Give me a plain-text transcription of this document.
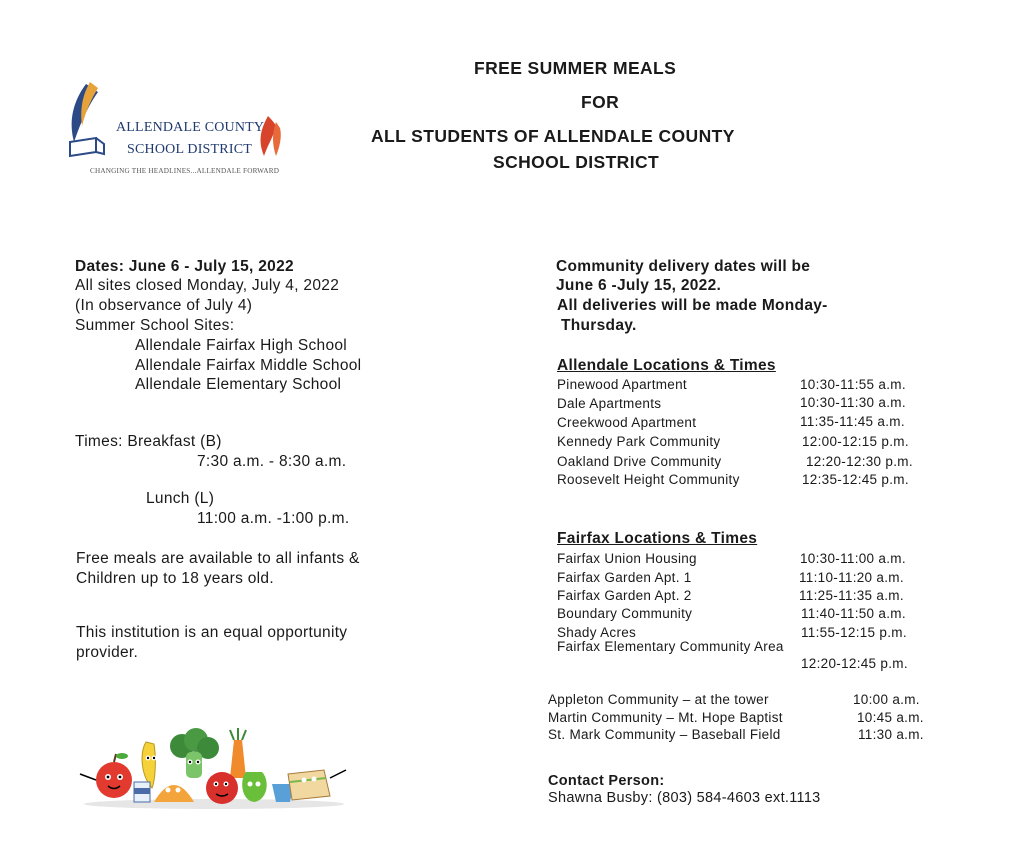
ALLENDALE COUNTY
SCHOOL DISTRICT
CHANGING THE HEADLINES...ALLENDALE FORWARD
FREE SUMMER MEALS
FOR
ALL STUDENTS OF ALLENDALE COUNTY
SCHOOL DISTRICT
Dates: June 6 - July 15, 2022
All sites closed Monday, July 4, 2022
(In observance of July 4)
Summer School Sites:
Allendale Fairfax High School
Allendale Fairfax Middle School
Allendale Elementary School
Times: Breakfast (B)
7:30 a.m. - 8:30 a.m.
Lunch (L)
11:00 a.m. -1:00 p.m.
Free meals are available to all infants &
Children up to 18 years old.
This institution is an equal opportunity
provider.
Community delivery dates will be
June 6 -July 15, 2022.
All deliveries will be made Monday-
Thursday.
Allendale Locations & Times
Pinewood Apartment	10:30-11:55 a.m.
Dale Apartments	10:30-11:30 a.m.
Creekwood Apartment	11:35-11:45 a.m.
Kennedy Park Community	12:00-12:15 p.m.
Oakland Drive Community	12:20-12:30 p.m.
Roosevelt Height Community	12:35-12:45 p.m.
Fairfax Locations & Times
Fairfax Union Housing	10:30-11:00 a.m.
Fairfax Garden Apt. 1	11:10-11:20 a.m.
Fairfax Garden Apt. 2	11:25-11:35 a.m.
Boundary Community	11:40-11:50 a.m.
Shady Acres	11:55-12:15 p.m.
Fairfax Elementary Community Area
12:20-12:45 p.m.
Appleton Community – at the tower	10:00 a.m.
Martin Community – Mt. Hope Baptist	10:45 a.m.
St. Mark Community – Baseball Field	11:30 a.m.
Contact Person:
Shawna Busby: (803) 584-4603 ext.1113
